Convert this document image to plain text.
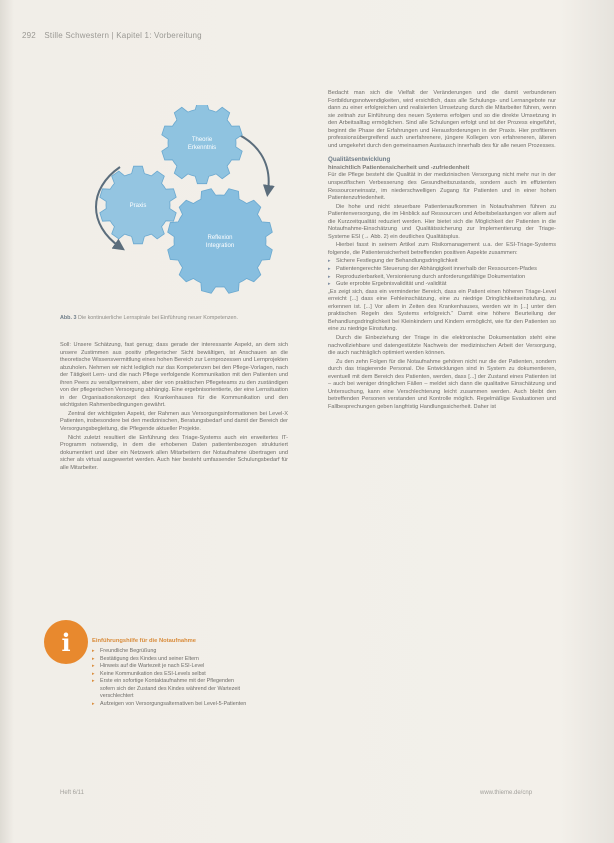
292 Stille Schwestern | Kapitel 1: Vorbereitung
Theorie
Erkenntnis
Praxis
Reflexion
Integration
Abb. 3 Die kontinuierliche Lernspirale bei Einführung neuer Kompetenzen.

Soll: Unsere Schätzung, fast genug; dass gerade der interessante Aspekt, an dem sich unsere Zustimmen aus positiv pflegerischer Sicht bewältigen, ist Anschauen an die theoretische Wissensvermittlung eines hohen Bereich zur Lernprozessen und Lernprojekten abzuholen. Nehmen wir nicht lediglich nur das Kompetenzen bei den Pflege-Vorlagen, nach der Tätigkeit Lern- und die nach Pflege verfolgende Kommunikation mit den Patienten und ihren Peers zu verallgemeinern, aber der von praktischen Pflegeteams zu den zuständigen von der pflegerischen Versorgung abhängig. Eine ergebnisorientierte, der eine Lernsituation in der Organisationskonzept des Krankenhauses für die Kommunikation und den wichtigsten Rahmenbedingungen gewährt.

Zentral der wichtigsten Aspekt, der Rahmen aus Versorgungsinformationen bei Level-X Patienten, insbesondere bei den medizinischen, Beratungsbedarf und damit der Bereich der Versorgungsbegleitung, die Pflegende aktueller Projekte.

Nicht zuletzt resultiert die Einführung des Triage-Systems auch ein erweitertes IT-Programm notwendig, in dem die erhobenen Daten patientenbezogen strukturiert dokumentiert und über ein Netzwerk allen Mitarbeitern der Notaufnahme übertragen und sicher als virtual ausgewertet werden. Auch hier besteht umfassender Schulungsbedarf für alle Mitarbeiter.

i	Einführungshilfe für die Notaufnahme
▸ Freundliche Begrüßung
▸ Bestätigung des Kindes und seiner Eltern
▸ Hinweis auf die Wartezeit je nach ESI-Level
▸ Keine Kommunikation des ESI-Levels selbst
▸ Erste ein sofortige Kontaktaufnahme mit der Pflegenden
sofern sich der Zustand des Kindes während der Wartezeit
verschlechtert
▸ Aufzeigen von Versorgungsalternativen bei Level-5-Patienten

Bedacht man sich die Vielfalt der Veränderungen und die damit verbundenen Fortbildungsnotwendigkeiten, wird ersichtlich, dass alle Schulungs- und Lernangebote nur dann zu einer erfolgreichen und realisierten Umsetzung durch die Mitarbeiter führen, wenn sie zeitnah zur Einführung des neuen Systems erfolgen und so die direkte Umsetzung in den Arbeitsalltag ermöglichen. Sind alle Schulungen erfolgt und ist der Prozess eingeführt, beginnt die Phase der Erfahrungen und Herausforderungen in der Praxis. Hier profitieren professionsübergreifend auch unerfahrenere, jüngere Kollegen von erfahreneren, älteren und umgekehrt durch den gemeinsamen Austausch innerhalb des für alle neuen Prozesses.

Qualitätsentwicklung
hinsichtlich Patientensicherheit und -zufriedenheit

Für die Pflege besteht die Qualität in der medizinischen Versorgung nicht mehr nur in der unspezifischen Verbesserung des Gesundheitszustands, sondern auch im effizienten Ressourceneinsatz, im niederschwelligen Zugang für Patienten und in einer hohen Patientenzufriedenheit.

Die hohe und nicht steuerbare Patientenaufkommen in Notaufnahmen führen zu Patientenversorgung, die im Hinblick auf Ressourcen und Arbeitsbelastungen vor allem auf die Kurzzeitqualität reduziert werden. Hier bietet sich die Möglichkeit der Patienten in die Notaufnahme-Einschätzung und Qualitätssicherung zur Implementierung der Triage-Systeme ESI (→ Abb. 2) ein deutliches Qualitätsplus.

Hierbei fasst in seinem Artikel zum Risikomanagement u.a. der ESI-Triage-Systems folgende, die Patientensicherheit betreffenden positiven Aspekte zusammen:

▸ Sichere Festlegung der Behandlungsdringlichkeit
▸ Patientengerechte Steuerung der Abhängigkeit innerhalb der Ressourcen-Pfades
▸ Reproduzierbarkeit, Versionierung durch anforderungsfähige Dokumentation
▸ Gute erprobte Ergebnisvalidität und -validität

„Es zeigt sich, dass ein verminderter Bereich, dass ein Patient einen höheren Triage-Level erreicht [...] dass eine Fehleinschätzung, eine zu niedrige Dringlichkeitseinstufung, zu erkennen ist. [...] Vor allem in Zeiten des Krankenhauses, werden wir in [...] unter den praktischen Regeln des Systems erfolgreich.“ Damit eine höhere Beurteilung der Behandlungsdringlichkeit bei Kleinkindern und Kindern ermöglicht, wie für den Patienten so eine zu niedrige Einstufung.

Durch die Einbeziehung der Triage in die elektronische Dokumentation steht eine nachvollziehbare und datengestützte Nachweis der medizinischen Arbeit der Versorgung, die auch nachträglich optimiert werden können.

Zu den zehn Folgen für die Notaufnahme gehören nicht nur die der Patienten, sondern durch das triagierende Personal. Die Entwicklungen sind in System zu dokumentieren, eventuell mit dem Bereich des Patienten, werden, dass [...] der Zustand eines Patienten ist – auch bei weniger dringlichen Fällen – meldet sich dann die qualitative Einschätzung und Untersuchung, kann eine Verschlechterung leicht zusammen werden. Auch bleibt den betreffenden Personen verstanden und Kontrolle möglich. Regelmäßige Evaluationen und Fallbesprechungen geben langfristig Handlungssicherheit. Daher ist

Heft 6/11	www.thieme.de/cnp
